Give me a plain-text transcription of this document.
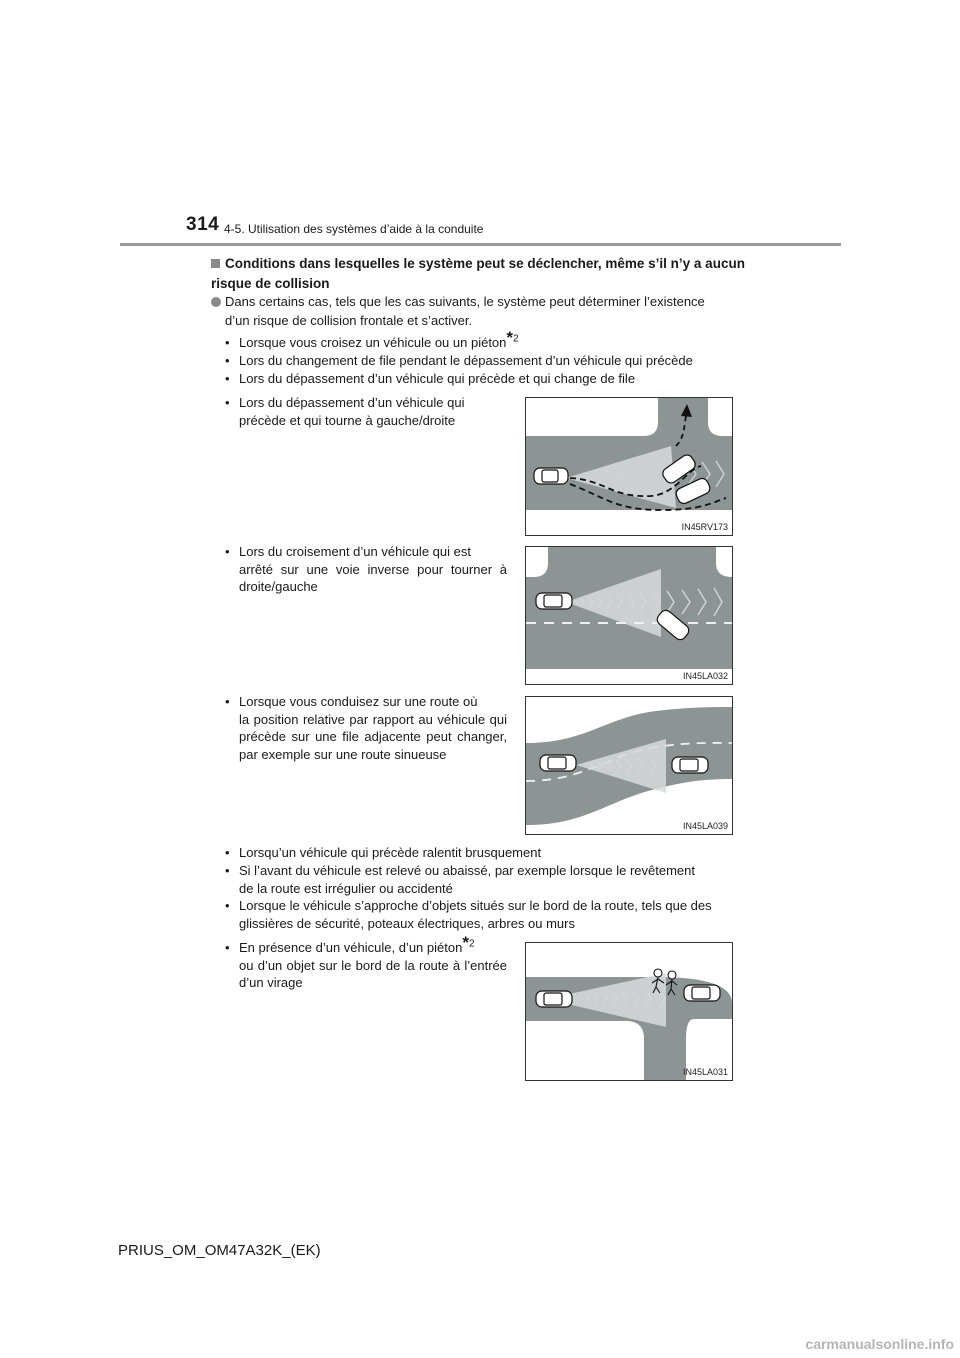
314 4-5. Utilisation des systèmes d’aide à la conduite
Conditions dans lesquelles le système peut se déclencher, même s’il n’y a aucun
risque de collision
Dans certains cas, tels que les cas suivants, le système peut déterminer l’existence
d’un risque de collision frontale et s’activer.
• Lorsque vous croisez un véhicule ou un piéton*$^2$
• Lors du changement de file pendant le dépassement d’un véhicule qui précède
• Lors du dépassement d’un véhicule qui précède et qui change de file
• Lors du dépassement d’un véhicule qui
précède et qui tourne à gauche/droite
IN45RV173
• Lors du croisement d’un véhicule qui est
arrêté sur une voie inverse pour tourner à droite/gauche
IN45LA032
• Lorsque vous conduisez sur une route où
la position relative par rapport au véhicule qui précède sur une file adjacente peut changer, par exemple sur une route sinueuse
IN45LA039
• Lorsqu’un véhicule qui précède ralentit brusquement
• Si l’avant du véhicule est relevé ou abaissé, par exemple lorsque le revêtement
de la route est irrégulier ou accidenté
• Lorsque le véhicule s’approche d’objets situés sur le bord de la route, tels que des
glissières de sécurité, poteaux électriques, arbres ou murs
• En présence d’un véhicule, d’un piéton*$^2$
ou d’un objet sur le bord de la route à l’entrée d’un virage
IN45LA031
PRIUS_OM_OM47A32K_(EK)
carmanualsonline.info
